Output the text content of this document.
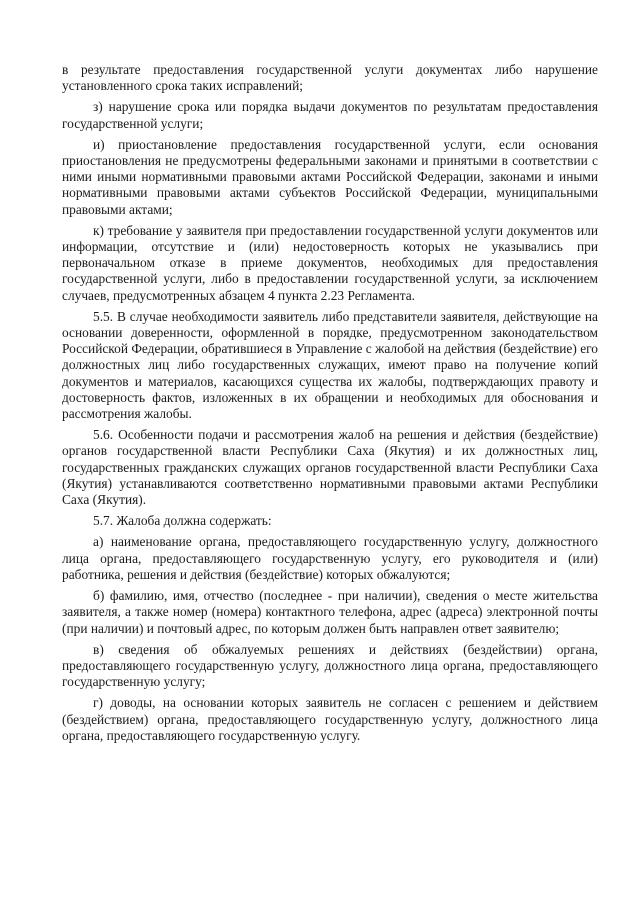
в результате предоставления государственной услуги документах либо нарушение установленного срока таких исправлений;

з) нарушение срока или порядка выдачи документов по результатам предоставления государственной услуги;

и) приостановление предоставления государственной услуги, если основания приостановления не предусмотрены федеральными законами и принятыми в соответствии с ними иными нормативными правовыми актами Российской Федерации, законами и иными нормативными правовыми актами субъектов Российской Федерации, муниципальными правовыми актами;

к) требование у заявителя при предоставлении государственной услуги документов или информации, отсутствие и (или) недостоверность которых не указывались при первоначальном отказе в приеме документов, необходимых для предоставления государственной услуги, либо в предоставлении государственной услуги, за исключением случаев, предусмотренных абзацем 4 пункта 2.23 Регламента.

5.5. В случае необходимости заявитель либо представители заявителя, действующие на основании доверенности, оформленной в порядке, предусмотренном законодательством Российской Федерации, обратившиеся в Управление с жалобой на действия (бездействие) его должностных лиц либо государственных служащих, имеют право на получение копий документов и материалов, касающихся существа их жалобы, подтверждающих правоту и достоверность фактов, изложенных в их обращении и необходимых для обоснования и рассмотрения жалобы.

5.6. Особенности подачи и рассмотрения жалоб на решения и действия (бездействие) органов государственной власти Республики Саха (Якутия) и их должностных лиц, государственных гражданских служащих органов государственной власти Республики Саха (Якутия) устанавливаются соответственно нормативными правовыми актами Республики Саха (Якутия).

5.7. Жалоба должна содержать:

а) наименование органа, предоставляющего государственную услугу, должностного лица органа, предоставляющего государственную услугу, его руководителя и (или) работника, решения и действия (бездействие) которых обжалуются;

б) фамилию, имя, отчество (последнее - при наличии), сведения о месте жительства заявителя, а также номер (номера) контактного телефона, адрес (адреса) электронной почты (при наличии) и почтовый адрес, по которым должен быть направлен ответ заявителю;

в) сведения об обжалуемых решениях и действиях (бездействии) органа, предоставляющего государственную услугу, должностного лица органа, предоставляющего государственную услугу;

г) доводы, на основании которых заявитель не согласен с решением и действием (бездействием) органа, предоставляющего государственную услугу, должностного лица органа, предоставляющего государственную услугу.
